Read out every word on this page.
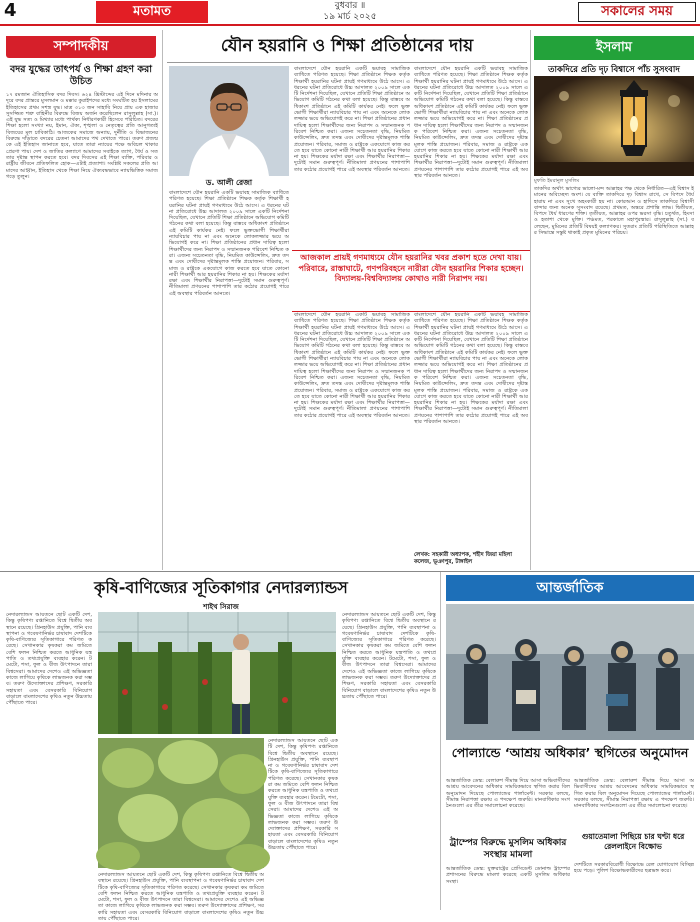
4	মতামত	বুধবার ॥
১৯ মার্চ ২০২৫	সকালের সময়
সম্পাদকীয়
বদর যুদ্ধের তাৎপর্য ও শিক্ষা গ্রহণ করা উচিত
১৭ রমজান ঐতিহাসিক বদর দিবস। ৬২৪ খ্রিস্টাব্দের এই দিনে মদিনার অদূরে বদর প্রান্তরে মুসলমান ও মক্কার কুরাইশদের মধ্যে সংঘটিত হয় ইসলামের ইতিহাসের প্রথম সশস্ত্র যুদ্ধ। মাত্র ৩১৩ জন সাহাবি নিয়ে প্রায় এক হাজার সুসজ্জিত শত্রু বাহিনীর বিরুদ্ধে বিজয় অর্জন করেছিলেন রাসুলুল্লাহ (সা.)। এই যুদ্ধ সত্য ও মিথ্যার মধ্যে পার্থক্য নির্ধারণকারী হিসেবে পরিচিত। বদরের শিক্ষা হলো সংখ্যা নয়, ইমান, ঐক্য, শৃঙ্খলা ও নেতৃত্বের প্রতি আনুগত্যই বিজয়ের মূল চাবিকাঠি। আজকের সমাজে অন্যায়, দুর্নীতি ও বিভাজনের বিরুদ্ধে দাঁড়াতে বদরের চেতনা আমাদের পথ দেখাতে পারে। তরুণ প্রজন্মকে এই ইতিহাস জানাতে হবে, যাতে তারা ন্যায়ের পক্ষে অবিচল থাকার প্রেরণা পায়। দেশ ও জাতির কল্যাণে আমাদের সবাইকে ত্যাগ, ধৈর্য ও সততার দৃষ্টান্ত স্থাপন করতে হবে। বদর দিবসের এই শিক্ষা ব্যক্তি, পরিবার ও রাষ্ট্রীয় জীবনে প্রতিফলিত হোক—এটাই প্রত্যাশা। সংশ্লিষ্ট সকলের প্রতি আমাদের আহ্বান, ইতিহাস থেকে শিক্ষা নিয়ে ঐক্যবদ্ধভাবে ন্যায়ভিত্তিক সমাজ গড়ে তুলুন।
যৌন হয়রানি ও শিক্ষা প্রতিষ্ঠানের দায়
ড. আলী রেজা
বাংলাদেশে যৌন হয়রানি একটি ভয়াবহ সামাজিক ব্যাধিতে পরিণত হয়েছে। শিক্ষা প্রতিষ্ঠানে শিক্ষক কর্তৃক শিক্ষার্থী হয়রানির ঘটনা প্রায়ই গণমাধ্যমে উঠে আসে। এ ধরনের ঘটনা প্রতিরোধে উচ্চ আদালত ২০০৯ সালে একটি নির্দেশনা দিয়েছিল, যেখানে প্রতিটি শিক্ষা প্রতিষ্ঠানে অভিযোগ কমিটি গঠনের কথা বলা হয়েছে। কিন্তু বাস্তবে অধিকাংশ প্রতিষ্ঠানে এই কমিটি কার্যকর নেই। ফলে ভুক্তভোগী শিক্ষার্থীরা ন্যায়বিচার পায় না এবং অনেকে লোকলজ্জার ভয়ে অভিযোগই করে না। শিক্ষা প্রতিষ্ঠানের প্রধান দায়িত্ব হলো শিক্ষার্থীদের জন্য নিরাপদ ও সম্মানজনক পরিবেশ নিশ্চিত করা। এজন্য সচেতনতা বৃদ্ধি, নিয়মিত কাউন্সেলিং, দ্রুত তদন্ত এবং দোষীদের দৃষ্টান্তমূলক শাস্তি প্রয়োজন। পরিবার, সমাজ ও রাষ্ট্রকে একযোগে কাজ করতে হবে যাতে কোনো নারী শিক্ষার্থী আর হয়রানির শিকার না হয়। শিক্ষকের মর্যাদা রক্ষা এবং শিক্ষার্থীর নিরাপত্তা—দুটোই সমান গুরুত্বপূর্ণ। নীতিমালা প্রণয়নের পাশাপাশি তার কঠোর প্রয়োগই পারে এই অবস্থার পরিবর্তন আনতে।
বাংলাদেশে যৌন হয়রানি একটি ভয়াবহ সামাজিক ব্যাধিতে পরিণত হয়েছে। শিক্ষা প্রতিষ্ঠানে শিক্ষক কর্তৃক শিক্ষার্থী হয়রানির ঘটনা প্রায়ই গণমাধ্যমে উঠে আসে। এ ধরনের ঘটনা প্রতিরোধে উচ্চ আদালত ২০০৯ সালে একটি নির্দেশনা দিয়েছিল, যেখানে প্রতিটি শিক্ষা প্রতিষ্ঠানে অভিযোগ কমিটি গঠনের কথা বলা হয়েছে। কিন্তু বাস্তবে অধিকাংশ প্রতিষ্ঠানে এই কমিটি কার্যকর নেই। ফলে ভুক্তভোগী শিক্ষার্থীরা ন্যায়বিচার পায় না এবং অনেকে লোকলজ্জার ভয়ে অভিযোগই করে না। শিক্ষা প্রতিষ্ঠানের প্রধান দায়িত্ব হলো শিক্ষার্থীদের জন্য নিরাপদ ও সম্মানজনক পরিবেশ নিশ্চিত করা। এজন্য সচেতনতা বৃদ্ধি, নিয়মিত কাউন্সেলিং, দ্রুত তদন্ত এবং দোষীদের দৃষ্টান্তমূলক শাস্তি প্রয়োজন। পরিবার, সমাজ ও রাষ্ট্রকে একযোগে কাজ করতে হবে যাতে কোনো নারী শিক্ষার্থী আর হয়রানির শিকার না হয়। শিক্ষকের মর্যাদা রক্ষা এবং শিক্ষার্থীর নিরাপত্তা—দুটোই সমান গুরুত্বপূর্ণ। নীতিমালা প্রণয়নের পাশাপাশি তার কঠোর প্রয়োগই পারে এই অবস্থার পরিবর্তন আনতে।
বাংলাদেশে যৌন হয়রানি একটি ভয়াবহ সামাজিক ব্যাধিতে পরিণত হয়েছে। শিক্ষা প্রতিষ্ঠানে শিক্ষক কর্তৃক শিক্ষার্থী হয়রানির ঘটনা প্রায়ই গণমাধ্যমে উঠে আসে। এ ধরনের ঘটনা প্রতিরোধে উচ্চ আদালত ২০০৯ সালে একটি নির্দেশনা দিয়েছিল, যেখানে প্রতিটি শিক্ষা প্রতিষ্ঠানে অভিযোগ কমিটি গঠনের কথা বলা হয়েছে। কিন্তু বাস্তবে অধিকাংশ প্রতিষ্ঠানে এই কমিটি কার্যকর নেই। ফলে ভুক্তভোগী শিক্ষার্থীরা ন্যায়বিচার পায় না এবং অনেকে লোকলজ্জার ভয়ে অভিযোগই করে না। শিক্ষা প্রতিষ্ঠানের প্রধান দায়িত্ব হলো শিক্ষার্থীদের জন্য নিরাপদ ও সম্মানজনক পরিবেশ নিশ্চিত করা। এজন্য সচেতনতা বৃদ্ধি, নিয়মিত কাউন্সেলিং, দ্রুত তদন্ত এবং দোষীদের দৃষ্টান্তমূলক শাস্তি প্রয়োজন। পরিবার, সমাজ ও রাষ্ট্রকে একযোগে কাজ করতে হবে যাতে কোনো নারী শিক্ষার্থী আর হয়রানির শিকার না হয়। শিক্ষকের মর্যাদা রক্ষা এবং শিক্ষার্থীর নিরাপত্তা—দুটোই সমান গুরুত্বপূর্ণ। নীতিমালা প্রণয়নের পাশাপাশি তার কঠোর প্রয়োগই পারে এই অবস্থার পরিবর্তন আনতে।
বাংলাদেশে যৌন হয়রানি একটি ভয়াবহ সামাজিক ব্যাধিতে পরিণত হয়েছে। শিক্ষা প্রতিষ্ঠানে শিক্ষক কর্তৃক শিক্ষার্থী হয়রানির ঘটনা প্রায়ই গণমাধ্যমে উঠে আসে। এ ধরনের ঘটনা প্রতিরোধে উচ্চ আদালত ২০০৯ সালে একটি নির্দেশনা দিয়েছিল, যেখানে প্রতিটি শিক্ষা প্রতিষ্ঠানে অভিযোগ কমিটি গঠনের কথা বলা হয়েছে। কিন্তু বাস্তবে অধিকাংশ প্রতিষ্ঠানে এই কমিটি কার্যকর নেই। ফলে ভুক্তভোগী শিক্ষার্থীরা ন্যায়বিচার পায় না এবং অনেকে লোকলজ্জার ভয়ে অভিযোগই করে না। শিক্ষা প্রতিষ্ঠানের প্রধান দায়িত্ব হলো শিক্ষার্থীদের জন্য নিরাপদ ও সম্মানজনক পরিবেশ নিশ্চিত করা। এজন্য সচেতনতা বৃদ্ধি, নিয়মিত কাউন্সেলিং, দ্রুত তদন্ত এবং দোষীদের দৃষ্টান্তমূলক শাস্তি প্রয়োজন। পরিবার, সমাজ ও রাষ্ট্রকে একযোগে কাজ করতে হবে যাতে কোনো নারী শিক্ষার্থী আর হয়রানির শিকার না হয়। শিক্ষকের মর্যাদা রক্ষা এবং শিক্ষার্থীর নিরাপত্তা—দুটোই সমান গুরুত্বপূর্ণ। নীতিমালা প্রণয়নের পাশাপাশি তার কঠোর প্রয়োগই পারে এই অবস্থার পরিবর্তন আনতে।
বাংলাদেশে যৌন হয়রানি একটি ভয়াবহ সামাজিক ব্যাধিতে পরিণত হয়েছে। শিক্ষা প্রতিষ্ঠানে শিক্ষক কর্তৃক শিক্ষার্থী হয়রানির ঘটনা প্রায়ই গণমাধ্যমে উঠে আসে। এ ধরনের ঘটনা প্রতিরোধে উচ্চ আদালত ২০০৯ সালে একটি নির্দেশনা দিয়েছিল, যেখানে প্রতিটি শিক্ষা প্রতিষ্ঠানে অভিযোগ কমিটি গঠনের কথা বলা হয়েছে। কিন্তু বাস্তবে অধিকাংশ প্রতিষ্ঠানে এই কমিটি কার্যকর নেই। ফলে ভুক্তভোগী শিক্ষার্থীরা ন্যায়বিচার পায় না এবং অনেকে লোকলজ্জার ভয়ে অভিযোগই করে না। শিক্ষা প্রতিষ্ঠানের প্রধান দায়িত্ব হলো শিক্ষার্থীদের জন্য নিরাপদ ও সম্মানজনক পরিবেশ নিশ্চিত করা। এজন্য সচেতনতা বৃদ্ধি, নিয়মিত কাউন্সেলিং, দ্রুত তদন্ত এবং দোষীদের দৃষ্টান্তমূলক শাস্তি প্রয়োজন। পরিবার, সমাজ ও রাষ্ট্রকে একযোগে কাজ করতে হবে যাতে কোনো নারী শিক্ষার্থী আর হয়রানির শিকার না হয়। শিক্ষকের মর্যাদা রক্ষা এবং শিক্ষার্থীর নিরাপত্তা—দুটোই সমান গুরুত্বপূর্ণ। নীতিমালা প্রণয়নের পাশাপাশি তার কঠোর প্রয়োগই পারে এই অবস্থার পরিবর্তন আনতে।
আজকাল প্রায়ই গণমাধ্যমে যৌন হয়রানির খবর প্রকাশ হতে দেখা যায়। পরিবারে, রাস্তাঘাটে, গণপরিবহনে নারীরা যৌন হয়রানির শিকার হচ্ছেন। বিদ্যালয়-বিশ্ববিদ্যালয় কোথাও নারী নিরাপদ নয়।
লেখক: সহকারী অধ্যাপক, শহীদ জিয়া মহিলা কলেজ, ভূঞাপুর, টাঙ্গাইল
ইসলাম
তাকদিরে প্রতি দৃঢ় বিশ্বাসে পাঁচ সুসংবাদ
মুফতি ইমরানুল মুসলিম
তাকদির অর্থাৎ ভাগ্যের ভালো-মন্দ আল্লাহর পক্ষ থেকে নির্ধারিত—এই বিশ্বাস ইমানের অবিচ্ছেদ্য অংশ। যে ব্যক্তি তাকদিরে দৃঢ় বিশ্বাস রাখে, সে বিপদে ধৈর্য হারায় না এবং সুখে অহংকারী হয় না। কোরআন ও হাদিসে তাকদিরে বিশ্বাসী বান্দার জন্য অনেক সুসংবাদ রয়েছে। প্রথমত, অন্তরে প্রশান্তি লাভ। দ্বিতীয়ত, বিপদে ধৈর্য ধারণের শক্তি। তৃতীয়ত, আল্লাহর ওপর ভরসা বৃদ্ধি। চতুর্থত, হিংসা ও হতাশা থেকে মুক্তি। পঞ্চমত, পরকালে মহাপুরস্কার। রাসুলুল্লাহ (সা.) বলেছেন, মুমিনের প্রতিটি বিষয়ই কল্যাণকর। সুতরাং প্রতিটি পরিস্থিতিতে আল্লাহর সিদ্ধান্তে সন্তুষ্ট থাকাই প্রকৃত মুমিনের পরিচয়।
কৃষি-বাণিজ্যের সূতিকাগার নেদারল্যান্ডস
শাইখ সিরাজ
নেদারল্যান্ডস আয়তনে ছোট একটি দেশ, কিন্তু কৃষিপণ্য রপ্তানিতে বিশ্বে দ্বিতীয় অবস্থানে রয়েছে। গ্রিনহাউস প্রযুক্তি, পানি ব্যবস্থাপনা ও গবেষণানির্ভর চাষাবাদ দেশটিকে কৃষি-বাণিজ্যের সূতিকাগারে পরিণত করেছে। সেখানকার কৃষকরা কম জমিতে বেশি ফলন নিশ্চিত করতে আধুনিক যন্ত্রপাতি ও তথ্যপ্রযুক্তি ব্যবহার করেন। টমেটো, শসা, ফুল ও বীজ উৎপাদনে তারা বিশ্বসেরা। আমাদের দেশেও এই অভিজ্ঞতা কাজে লাগিয়ে কৃষিকে লাভজনক করা সম্ভব। তরুণ উদ্যোক্তাদের প্রশিক্ষণ, সরকারি সহায়তা এবং বেসরকারি বিনিয়োগ বাড়ালে বাংলাদেশের কৃষিও নতুন উচ্চতায় পৌঁছাতে পারে।
নেদারল্যান্ডস আয়তনে ছোট একটি দেশ, কিন্তু কৃষিপণ্য রপ্তানিতে বিশ্বে দ্বিতীয় অবস্থানে রয়েছে। গ্রিনহাউস প্রযুক্তি, পানি ব্যবস্থাপনা ও গবেষণানির্ভর চাষাবাদ দেশটিকে কৃষি-বাণিজ্যের সূতিকাগারে পরিণত করেছে। সেখানকার কৃষকরা কম জমিতে বেশি ফলন নিশ্চিত করতে আধুনিক যন্ত্রপাতি ও তথ্যপ্রযুক্তি ব্যবহার করেন। টমেটো, শসা, ফুল ও বীজ উৎপাদনে তারা বিশ্বসেরা। আমাদের দেশেও এই অভিজ্ঞতা কাজে লাগিয়ে কৃষিকে লাভজনক করা সম্ভব। তরুণ উদ্যোক্তাদের প্রশিক্ষণ, সরকারি সহায়তা এবং বেসরকারি বিনিয়োগ বাড়ালে বাংলাদেশের কৃষিও নতুন উচ্চতায় পৌঁছাতে পারে।
নেদারল্যান্ডস আয়তনে ছোট একটি দেশ, কিন্তু কৃষিপণ্য রপ্তানিতে বিশ্বে দ্বিতীয় অবস্থানে রয়েছে। গ্রিনহাউস প্রযুক্তি, পানি ব্যবস্থাপনা ও গবেষণানির্ভর চাষাবাদ দেশটিকে কৃষি-বাণিজ্যের সূতিকাগারে পরিণত করেছে। সেখানকার কৃষকরা কম জমিতে বেশি ফলন নিশ্চিত করতে আধুনিক যন্ত্রপাতি ও তথ্যপ্রযুক্তি ব্যবহার করেন। টমেটো, শসা, ফুল ও বীজ উৎপাদনে তারা বিশ্বসেরা। আমাদের দেশেও এই অভিজ্ঞতা কাজে লাগিয়ে কৃষিকে লাভজনক করা সম্ভব। তরুণ উদ্যোক্তাদের প্রশিক্ষণ, সরকারি সহায়তা এবং বেসরকারি বিনিয়োগ বাড়ালে বাংলাদেশের কৃষিও নতুন উচ্চতায় পৌঁছাতে পারে।
নেদারল্যান্ডস আয়তনে ছোট একটি দেশ, কিন্তু কৃষিপণ্য রপ্তানিতে বিশ্বে দ্বিতীয় অবস্থানে রয়েছে। গ্রিনহাউস প্রযুক্তি, পানি ব্যবস্থাপনা ও গবেষণানির্ভর চাষাবাদ দেশটিকে কৃষি-বাণিজ্যের সূতিকাগারে পরিণত করেছে। সেখানকার কৃষকরা কম জমিতে বেশি ফলন নিশ্চিত করতে আধুনিক যন্ত্রপাতি ও তথ্যপ্রযুক্তি ব্যবহার করেন। টমেটো, শসা, ফুল ও বীজ উৎপাদনে তারা বিশ্বসেরা। আমাদের দেশেও এই অভিজ্ঞতা কাজে লাগিয়ে কৃষিকে লাভজনক করা সম্ভব। তরুণ উদ্যোক্তাদের প্রশিক্ষণ, সরকারি সহায়তা এবং বেসরকারি বিনিয়োগ বাড়ালে বাংলাদেশের কৃষিও নতুন উচ্চতায় পৌঁছাতে পারে।
আন্তর্জাতিক
পোল্যান্ডে ‘আশ্রয় অধিকার’ স্থগিতের অনুমোদন
আন্তর্জাতিক ডেস্ক: বেলারুশ সীমান্ত দিয়ে আসা অভিবাসীদের আশ্রয় আবেদনের অধিকার সাময়িকভাবে স্থগিত করার বিল অনুমোদন দিয়েছে পোল্যান্ডের পার্লামেন্ট। সরকার বলছে, সীমান্ত নিরাপত্তা রক্ষায় এ পদক্ষেপ জরুরি। মানবাধিকার সংগঠনগুলো এর তীব্র সমালোচনা করেছে।
আন্তর্জাতিক ডেস্ক: বেলারুশ সীমান্ত দিয়ে আসা অভিবাসীদের আশ্রয় আবেদনের অধিকার সাময়িকভাবে স্থগিত করার বিল অনুমোদন দিয়েছে পোল্যান্ডের পার্লামেন্ট। সরকার বলছে, সীমান্ত নিরাপত্তা রক্ষায় এ পদক্ষেপ জরুরি। মানবাধিকার সংগঠনগুলো এর তীব্র সমালোচনা করেছে।
গুয়াতেমালা পিছিয়ে চার ঘণ্টা ধরে রেললাইনে বিক্ষোভ
ট্রাম্পের বিরুদ্ধে মুসলিম অধিকার সংস্থার মামলা
আন্তর্জাতিক ডেস্ক: যুক্তরাষ্ট্রের প্রেসিডেন্ট ডোনাল্ড ট্রাম্পের প্রশাসনের বিরুদ্ধে মামলা করেছে একটি মুসলিম অধিকার সংস্থা।
দেশটিতে সরকারবিরোধী বিক্ষোভে রেল যোগাযোগ বিচ্ছিন্ন হয়ে পড়ে। পুলিশ বিক্ষোভকারীদের ছত্রভঙ্গ করে।
